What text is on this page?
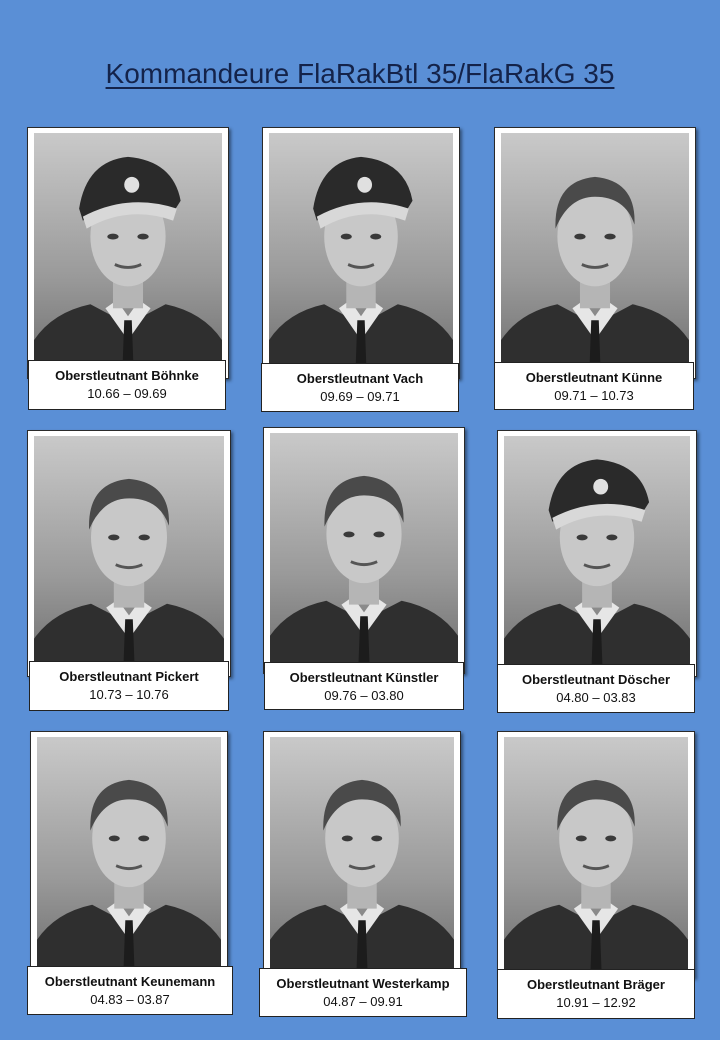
Kommandeure FlaRakBtl 35/FlaRakG 35
Oberstleutnant Böhnke
10.66 – 09.69
Oberstleutnant Vach
09.69 – 09.71
Oberstleutnant Künne
09.71 – 10.73
Oberstleutnant Pickert
10.73 – 10.76
Oberstleutnant Künstler
09.76 – 03.80
Oberstleutnant Döscher
04.80 – 03.83
Oberstleutnant Keunemann
04.83 – 03.87
Oberstleutnant Westerkamp
04.87 – 09.91
Oberstleutnant Bräger
10.91 – 12.92
